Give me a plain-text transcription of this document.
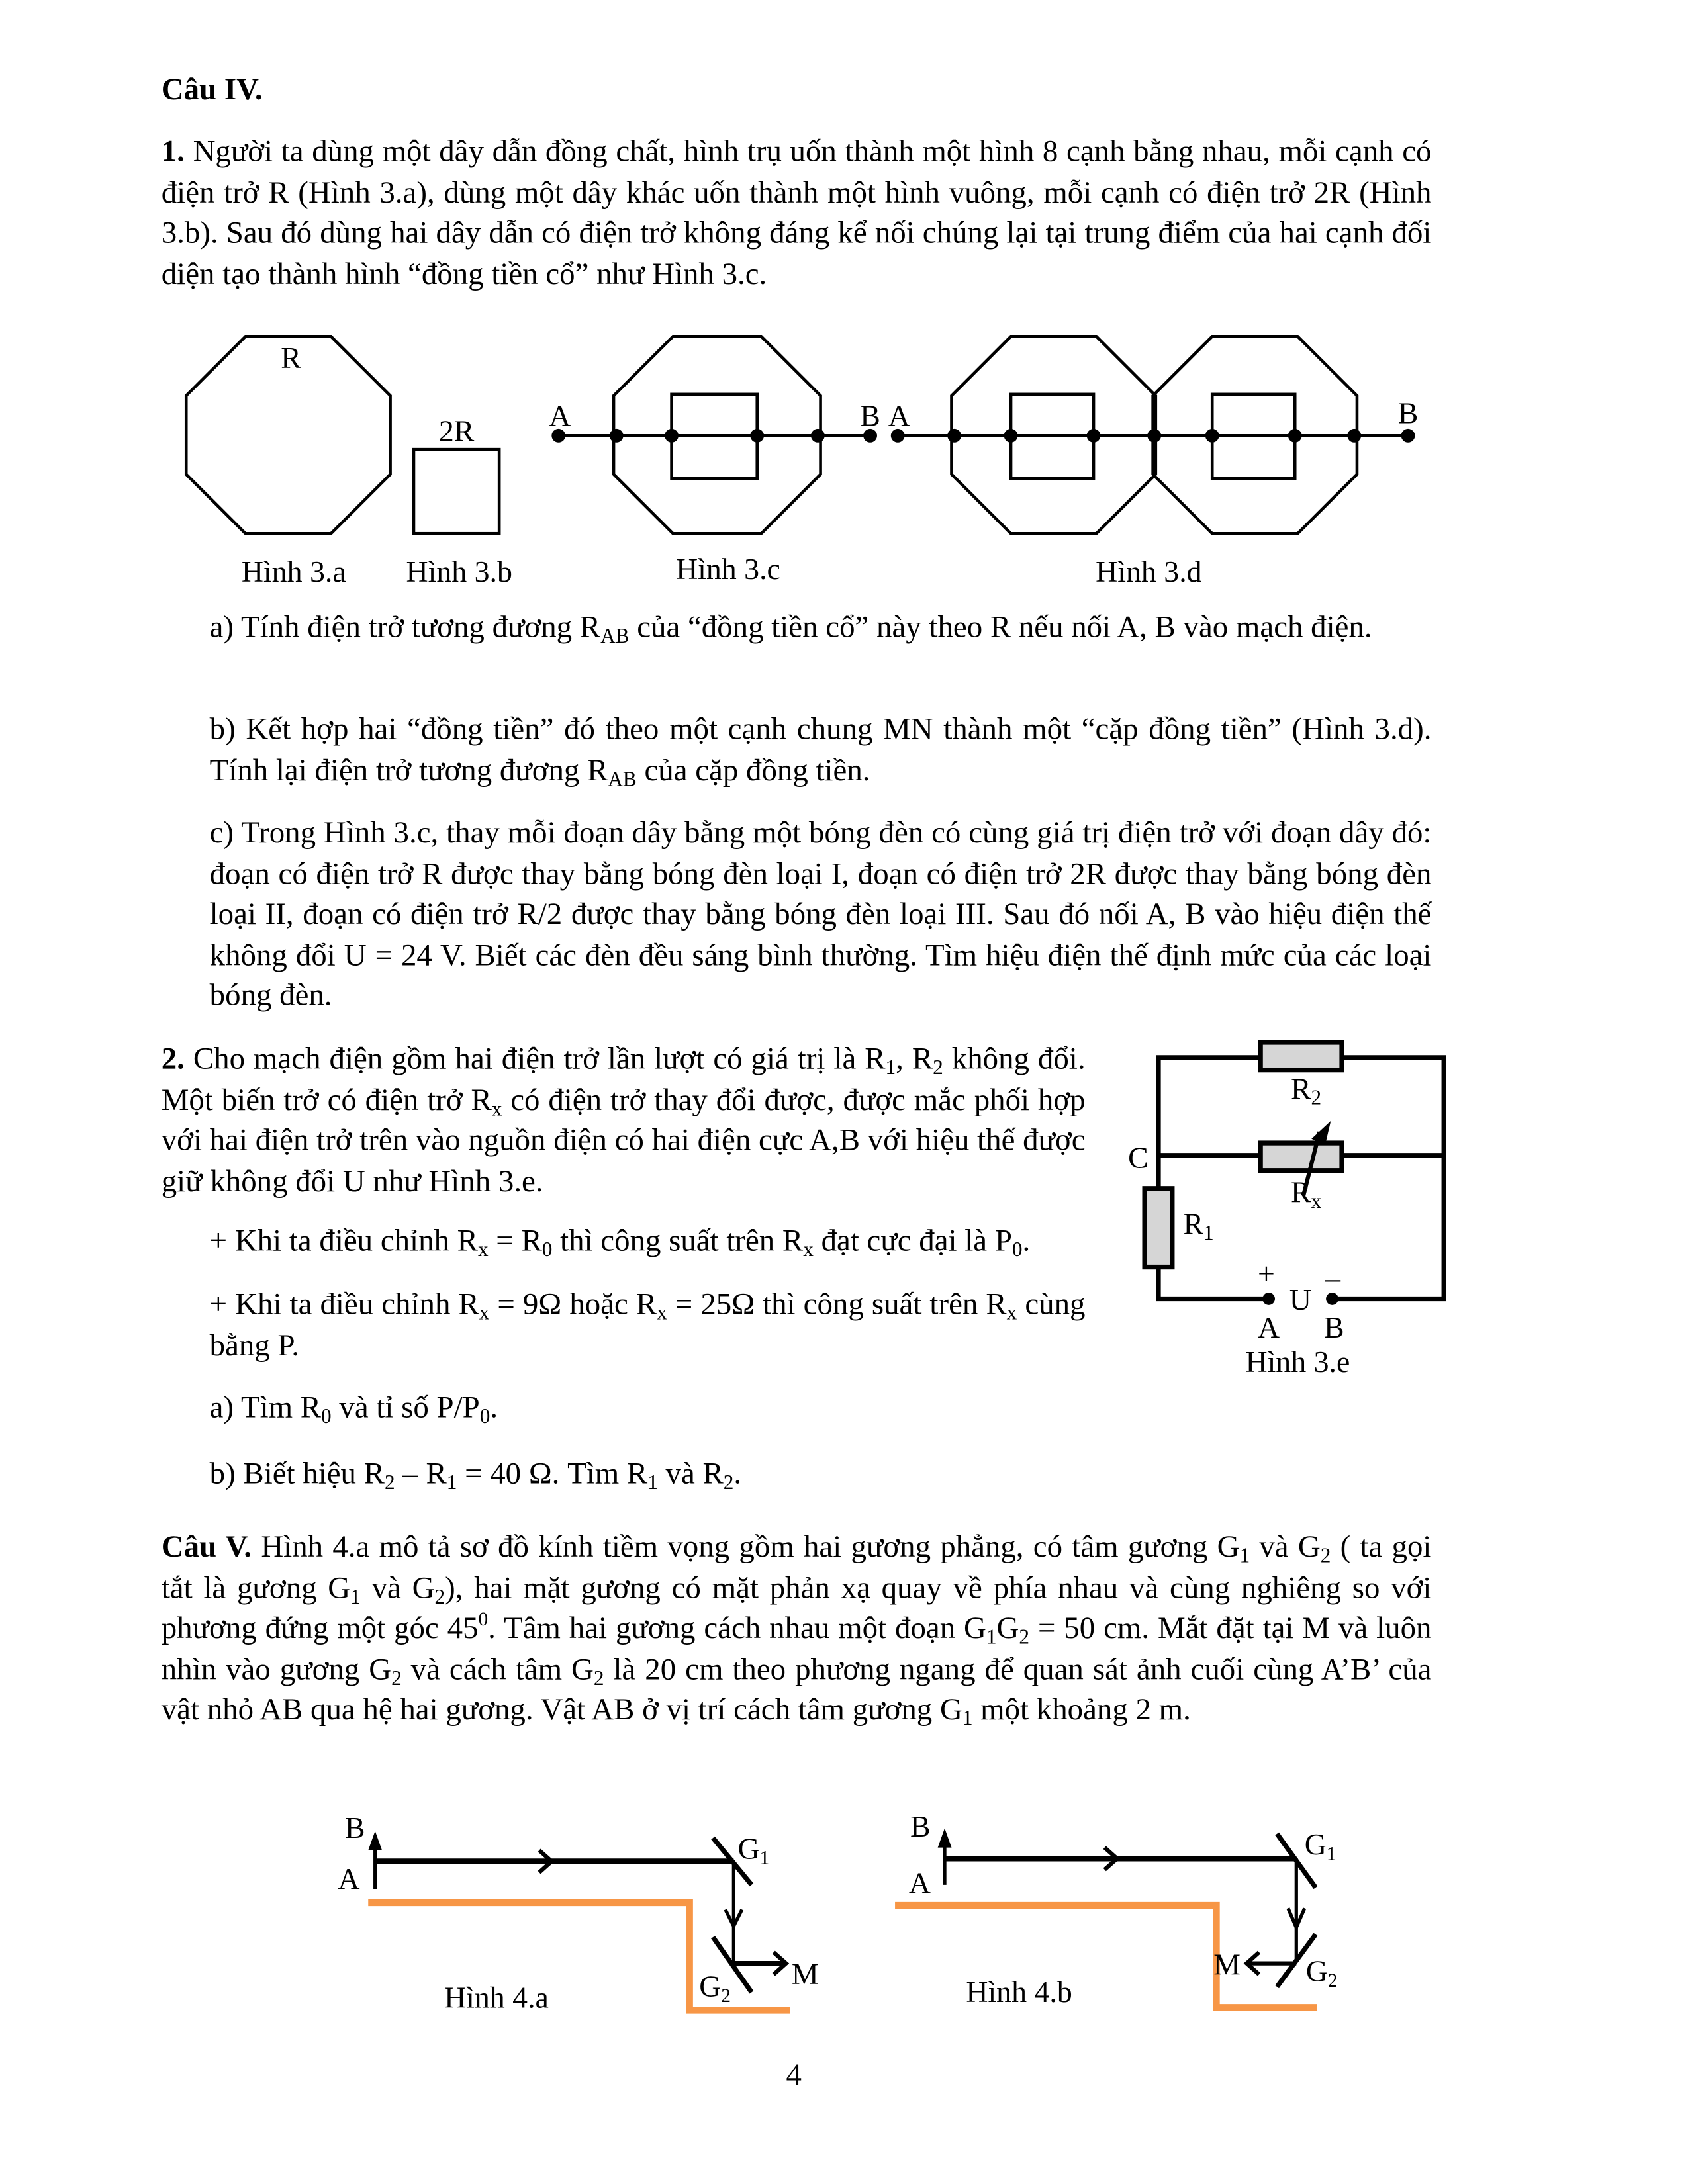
Câu IV.
1. Người ta dùng một dây dẫn đồng chất, hình trụ uốn thành một hình 8 cạnh bằng nhau, mỗi cạnh có điện trở R (Hình 3.a), dùng một dây khác uốn thành một hình vuông, mỗi cạnh có điện trở 2R (Hình 3.b). Sau đó dùng hai dây dẫn có điện trở không đáng kể nối chúng lại tại trung điểm của hai cạnh đối diện tạo thành hình “đồng tiền cổ” như Hình 3.c.
R
2R	A	B A	B
Hình 3.a	Hình 3.b	Hình 3.c	Hình 3.d
a) Tính điện trở tương đương $R_{AB}$ của “đồng tiền cổ” này theo R nếu nối A, B vào mạch điện.
b) Kết hợp hai “đồng tiền” đó theo một cạnh chung MN thành một “cặp đồng tiền” (Hình 3.d). Tính lại điện trở tương đương $R_{AB}$ của cặp đồng tiền.
c) Trong Hình 3.c, thay mỗi đoạn dây bằng một bóng đèn có cùng giá trị điện trở với đoạn dây đó: đoạn có điện trở R được thay bằng bóng đèn loại I, đoạn có điện trở 2R được thay bằng bóng đèn loại II, đoạn có điện trở R/2 được thay bằng bóng đèn loại III. Sau đó nối A, B vào hiệu điện thế không đổi U = 24 V. Biết các đèn đều sáng bình thường. Tìm hiệu điện thế định mức của các loại bóng đèn.
2. Cho mạch điện gồm hai điện trở lần lượt có giá trị là $R_1$, $R_2$ không đổi. Một biến trở có điện trở $R_x$ có điện trở thay đổi được, được mắc phối hợp với hai điện trở trên vào nguồn điện có hai điện cực A,B với hiệu thế được giữ không đổi U như Hình 3.e.
+ Khi ta điều chỉnh $R_x = R_0$ thì công suất trên $R_x$ đạt cực đại là $P_0$.
+ Khi ta điều chỉnh $R_x = 9\Omega$ hoặc $R_x = 25\Omega$ thì công suất trên $R_x$ cùng bằng P.
a) Tìm $R_0$ và tỉ số $P/P_0$.
b) Biết hiệu $R_2 - R_1 = 40$ Ω. Tìm $R_1$ và $R_2$.
R2
Rx
R1
C
+	–
U
A	B
Hình 3.e
Câu V. Hình 4.a mô tả sơ đồ kính tiềm vọng gồm hai gương phẳng, có tâm gương $G_1$ và $G_2$ ( ta gọi tắt là gương $G_1$ và $G_2$), hai mặt gương có mặt phản xạ quay về phía nhau và cùng nghiêng so với phương đứng một góc $45^0$. Tâm hai gương cách nhau một đoạn $G_1G_2 = 50$ cm. Mắt đặt tại M và luôn nhìn vào gương $G_2$ và cách tâm $G_2$ là 20 cm theo phương ngang để quan sát ảnh cuối cùng A’B’ của vật nhỏ AB qua hệ hai gương. Vật AB ở vị trí cách tâm gương $G_1$ một khoảng 2 m.
B
A
G1
G2
M
Hình 4.a
B
A
G1
G2
M
Hình 4.b
4
